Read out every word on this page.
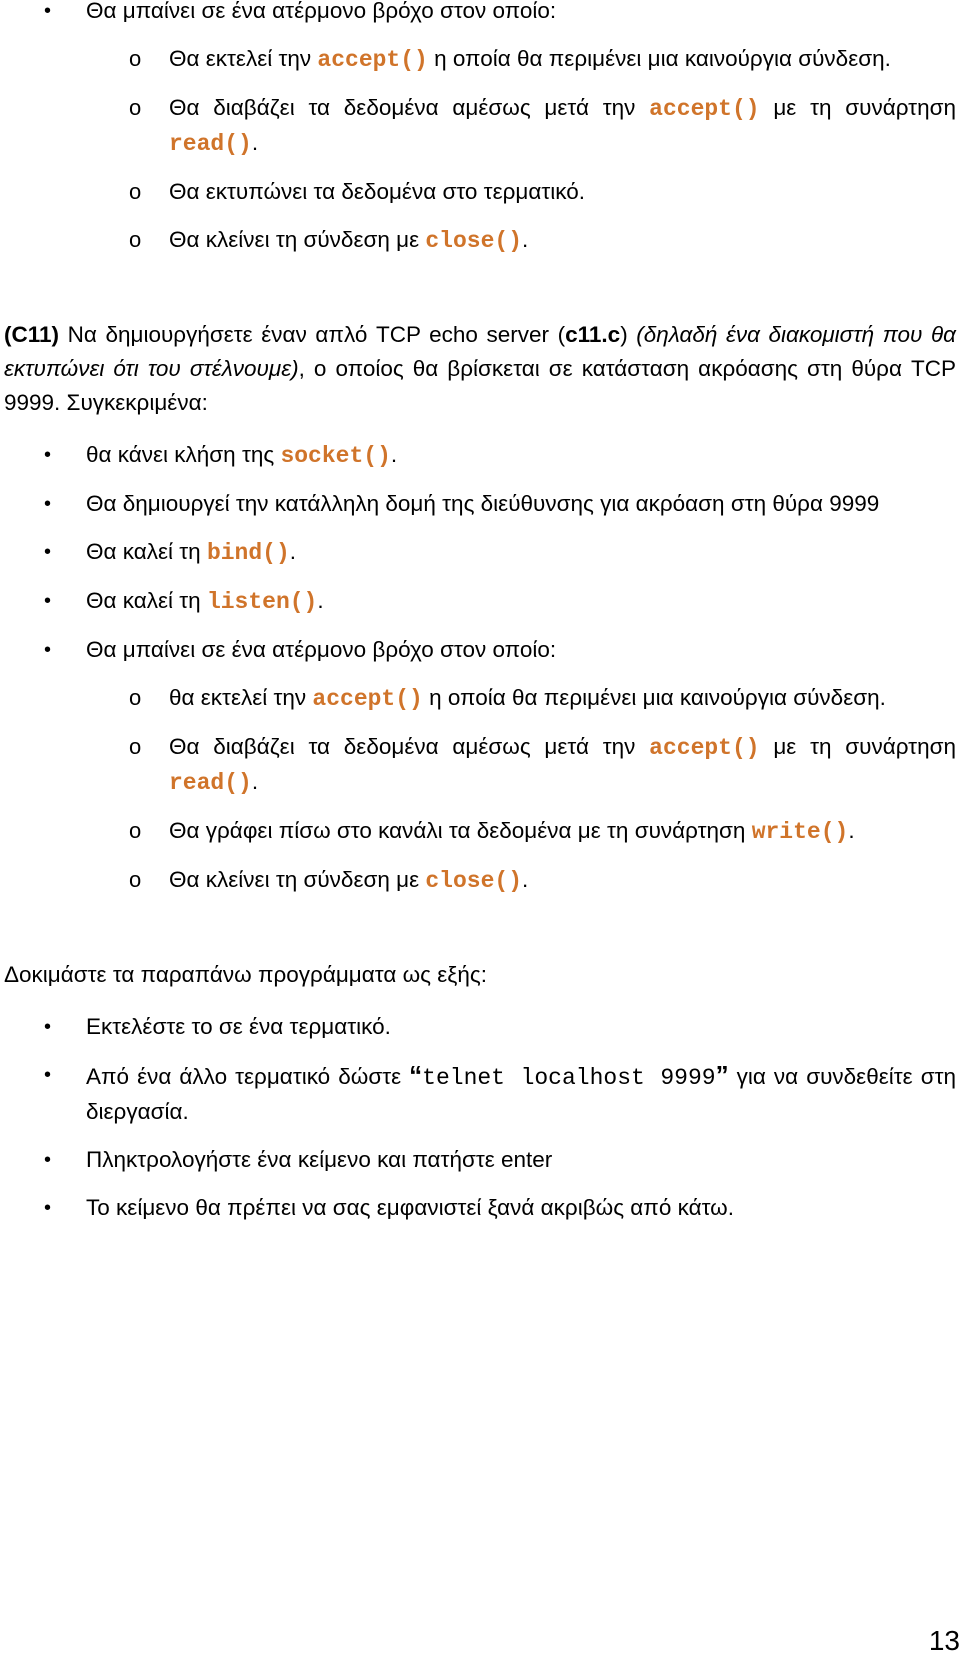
• Θα μπαίνει σε ένα ατέρμονο βρόχο στον οποίο:

o Θα εκτελεί την accept() η οποία θα περιμένει μια καινούργια σύνδεση.

o Θα διαβάζει τα δεδομένα αμέσως μετά την accept() με τη συνάρτηση read().

o Θα εκτυπώνει τα δεδομένα στο τερματικό.

o Θα κλείνει τη σύνδεση με close().

(C11) Να δημιουργήσετε έναν απλό TCP echo server (c11.c) (δηλαδή ένα διακομιστή που θα εκτυπώνει ότι του στέλνουμε), ο οποίος θα βρίσκεται σε κατάσταση ακρόασης στη θύρα TCP 9999. Συγκεκριμένα:

• θα κάνει κλήση της socket().

• Θα δημιουργεί την κατάλληλη δομή της διεύθυνσης για ακρόαση στη θύρα 9999

• Θα καλεί τη bind().

• Θα καλεί τη listen().

• Θα μπαίνει σε ένα ατέρμονο βρόχο στον οποίο:

o θα εκτελεί την accept() η οποία θα περιμένει μια καινούργια σύνδεση.

o Θα διαβάζει τα δεδομένα αμέσως μετά την accept() με τη συνάρτηση read().

o Θα γράφει πίσω στο κανάλι τα δεδομένα με τη συνάρτηση write().

o Θα κλείνει τη σύνδεση με close().

Δοκιμάστε τα παραπάνω προγράμματα ως εξής:

• Εκτελέστε το σε ένα τερματικό.

• Από ένα άλλο τερματικό δώστε “telnet localhost 9999” για να συνδεθείτε στη διεργασία.

• Πληκτρολογήστε ένα κείμενο και πατήστε enter

• Το κείμενο θα πρέπει να σας εμφανιστεί ξανά ακριβώς από κάτω.

13
